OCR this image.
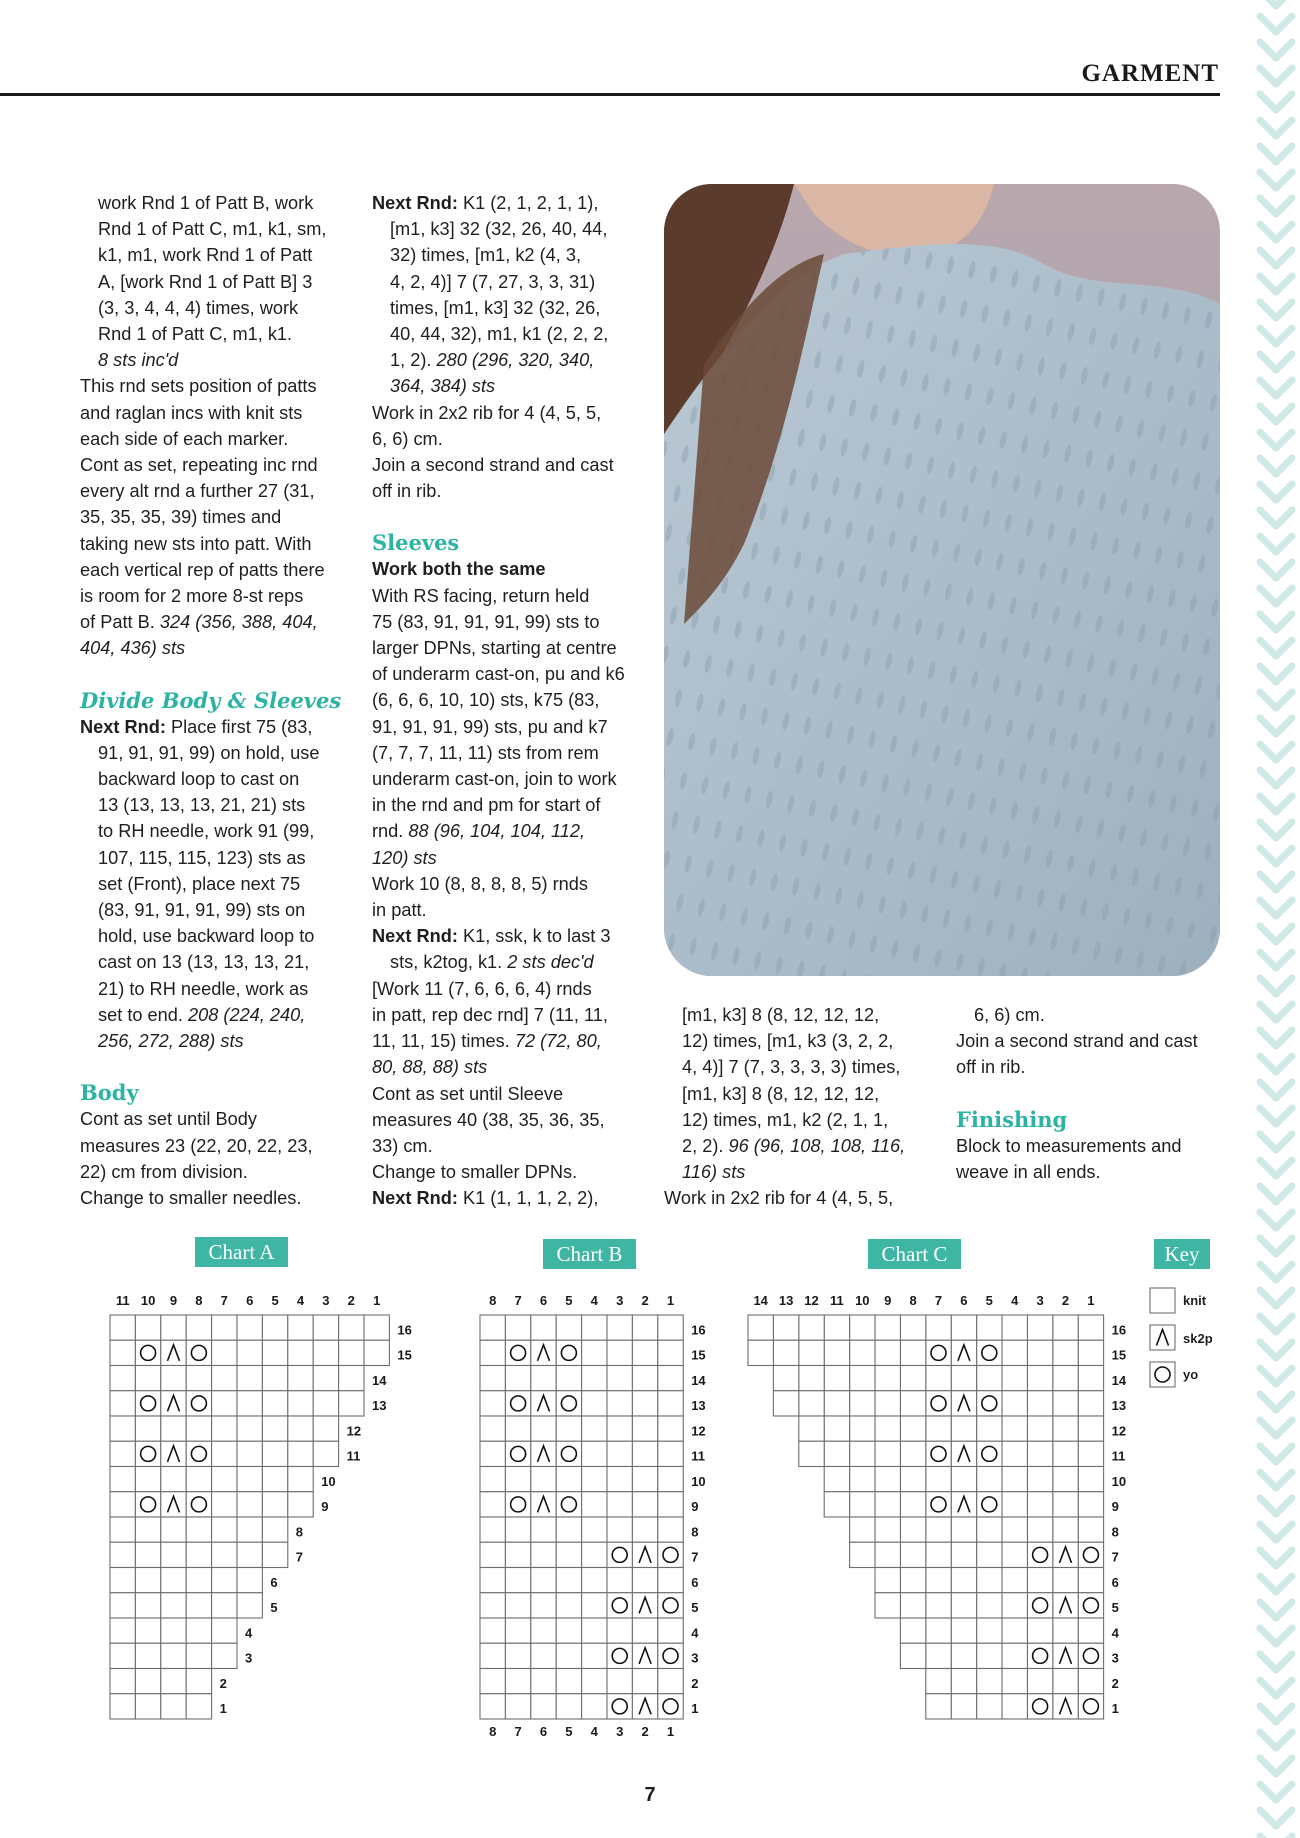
GARMENT

work Rnd 1 of Patt B, work

Rnd 1 of Patt C, m1, k1, sm,

k1, m1, work Rnd 1 of Patt

A, [work Rnd 1 of Patt B] 3

(3, 3, 4, 4, 4) times, work

Rnd 1 of Patt C, m1, k1.

8 sts inc'd

This rnd sets position of patts

and raglan incs with knit sts

each side of each marker.

Cont as set, repeating inc rnd

every alt rnd a further 27 (31,

35, 35, 35, 39) times and

taking new sts into patt. With

each vertical rep of patts there

is room for 2 more 8-st reps

of Patt B. 324 (356, 388, 404,

404, 436) sts

Divide Body & Sleeves

Next Rnd: Place first 75 (83,

91, 91, 91, 99) on hold, use

backward loop to cast on

13 (13, 13, 13, 21, 21) sts

to RH needle, work 91 (99,

107, 115, 115, 123) sts as

set (Front), place next 75

(83, 91, 91, 91, 99) sts on

hold, use backward loop to

cast on 13 (13, 13, 13, 21,

21) to RH needle, work as

set to end. 208 (224, 240,

256, 272, 288) sts

Body

Cont as set until Body

measures 23 (22, 20, 22, 23,

22) cm from division.

Change to smaller needles.

Next Rnd: K1 (2, 1, 2, 1, 1),

[m1, k3] 32 (32, 26, 40, 44,

32) times, [m1, k2 (4, 3,

4, 2, 4)] 7 (7, 27, 3, 3, 31)

times, [m1, k3] 32 (32, 26,

40, 44, 32), m1, k1 (2, 2, 2,

1, 2). 280 (296, 320, 340,

364, 384) sts

Work in 2x2 rib for 4 (4, 5, 5,

6, 6) cm.

Join a second strand and cast

off in rib.

Sleeves

Work both the same

With RS facing, return held

75 (83, 91, 91, 91, 99) sts to

larger DPNs, starting at centre

of underarm cast-on, pu and k6

(6, 6, 6, 10, 10) sts, k75 (83,

91, 91, 91, 99) sts, pu and k7

(7, 7, 7, 11, 11) sts from rem

underarm cast-on, join to work

in the rnd and pm for start of

rnd. 88 (96, 104, 104, 112,

120) sts

Work 10 (8, 8, 8, 8, 5) rnds

in patt.

Next Rnd: K1, ssk, k to last 3

sts, k2tog, k1. 2 sts dec'd

[Work 11 (7, 6, 6, 6, 4) rnds

in patt, rep dec rnd] 7 (11, 11,

11, 11, 15) times. 72 (72, 80,

80, 88, 88) sts

Cont as set until Sleeve

measures 40 (38, 35, 36, 35,

33) cm.

Change to smaller DPNs.

Next Rnd: K1 (1, 1, 1, 2, 2),

[m1, k3] 8 (8, 12, 12, 12,

12) times, [m1, k3 (3, 2, 2,

4, 4)] 7 (7, 3, 3, 3, 3) times,

[m1, k3] 8 (8, 12, 12, 12,

12) times, m1, k2 (2, 1, 1,

2, 2). 96 (96, 108, 108, 116,

116) sts

Work in 2x2 rib for 4 (4, 5, 5,

6, 6) cm.

Join a second strand and cast

off in rib.

Finishing

Block to measurements and

weave in all ends.

Chart A	Chart B	Chart C	Key
11 10 9 8 7 6 5 4 3 2 1
16
15
14
13
12
11
10
9
8
7
6
5
4
3
2
1
8
8
7
7
6
6
5
5
4
4
3
3
2
2
1
1
16
15
14
13
12
11
10
9
8
7
6
5
4
3
2
1
14 13 12 11 10 9 8 7 6 5 4 3 2 1
16
15
14
13
12
11
10
9
8
7
6
5
4
3
2
1
knit
sk2p
yo
7
